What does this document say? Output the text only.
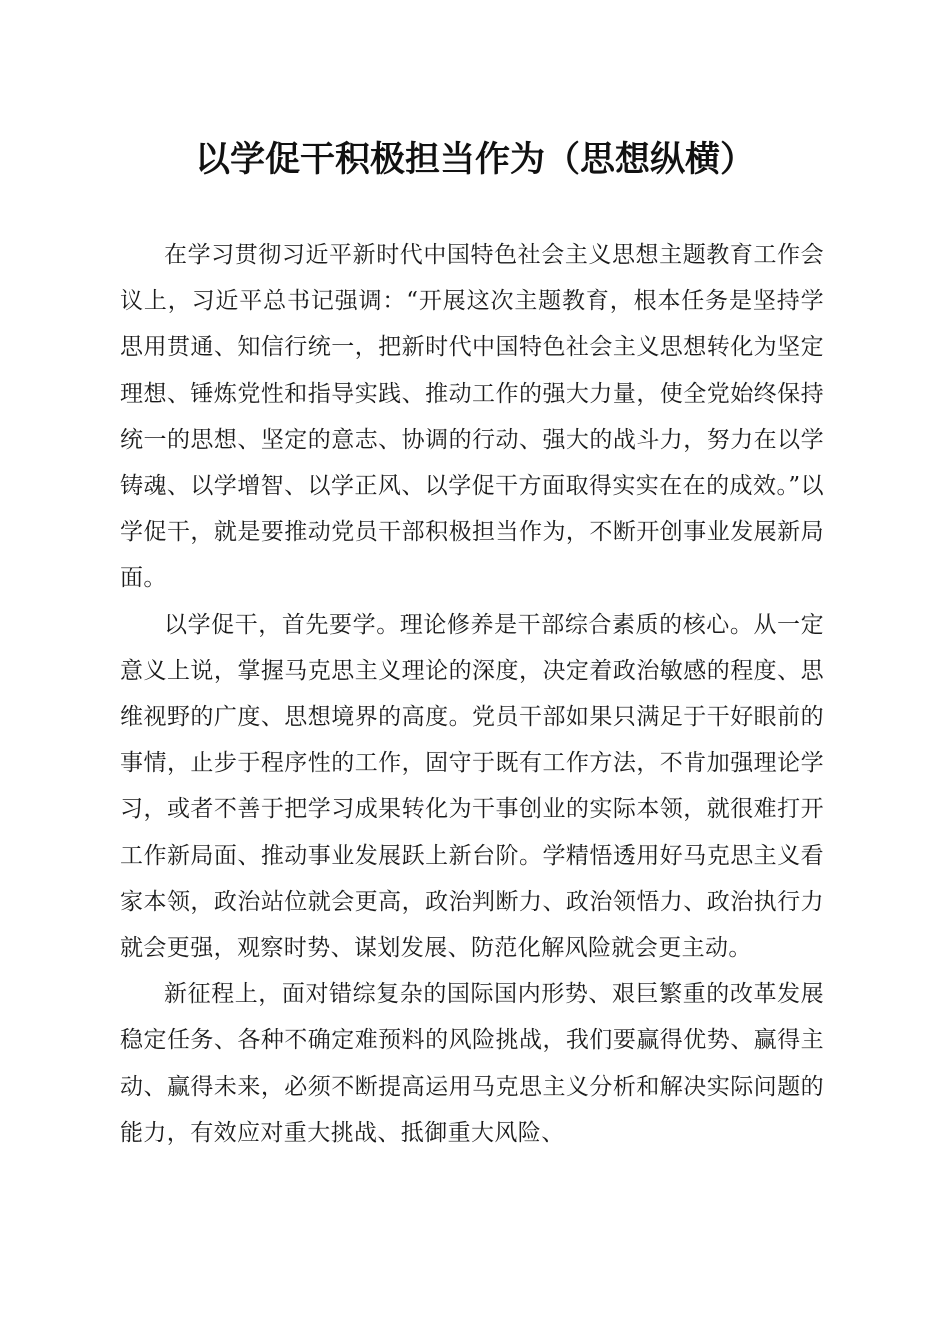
以学促干积极担当作为（思想纵横）

在学习贯彻习近平新时代中国特色社会主义思想主题教育工作会议上，习近平总书记强调：“开展这次主题教育，根本任务是坚持学思用贯通、知信行统一，把新时代中国特色社会主义思想转化为坚定理想、锤炼党性和指导实践、推动工作的强大力量，使全党始终保持统一的思想、坚定的意志、协调的行动、强大的战斗力，努力在以学铸魂、以学增智、以学正风、以学促干方面取得实实在在的成效。”以学促干，就是要推动党员干部积极担当作为，不断开创事业发展新局面。

以学促干，首先要学。理论修养是干部综合素质的核心。从一定意义上说，掌握马克思主义理论的深度，决定着政治敏感的程度、思维视野的广度、思想境界的高度。党员干部如果只满足于干好眼前的事情，止步于程序性的工作，固守于既有工作方法，不肯加强理论学习，或者不善于把学习成果转化为干事创业的实际本领，就很难打开工作新局面、推动事业发展跃上新台阶。学精悟透用好马克思主义看家本领，政治站位就会更高，政治判断力、政治领悟力、政治执行力就会更强，观察时势、谋划发展、防范化解风险就会更主动。

新征程上，面对错综复杂的国际国内形势、艰巨繁重的改革发展稳定任务、各种不确定难预料的风险挑战，我们要赢得优势、赢得主动、赢得未来，必须不断提高运用马克思主义分析和解决实际问题的能力，有效应对重大挑战、抵御重大风险、
